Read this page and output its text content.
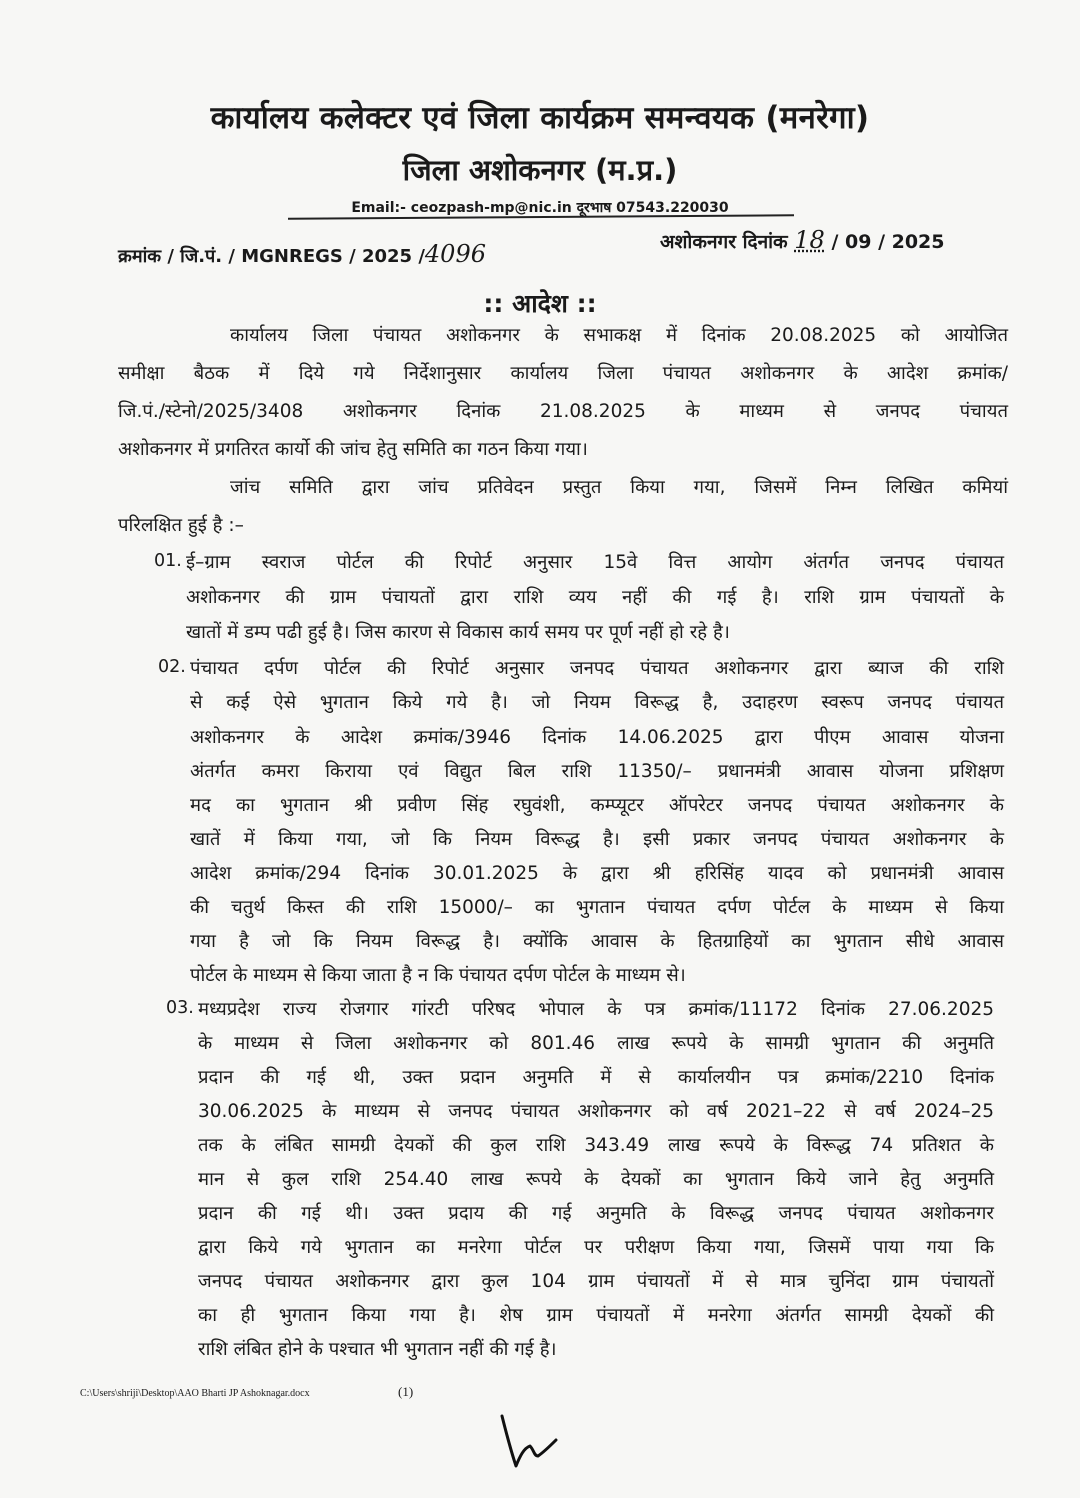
कार्यालय कलेक्टर एवं जिला कार्यक्रम समन्वयक (मनरेगा)
जिला अशोकनगर (म.प्र.)
Email:- ceozpash-mp@nic.in दूरभाष 07543.220030
क्रमांक / जि.पं. / MGNREGS / 2025 /4096	अशोकनगर दिनांक 18 / 09 / 2025
:: आदेश ::
कार्यालय जिला पंचायत अशोकनगर के सभाकक्ष में दिनांक 20.08.2025 को आयोजित
समीक्षा बैठक में दिये गये निर्देशानुसार कार्यालय जिला पंचायत अशोकनगर के आदेश क्रमांक/
जि.पं./स्टेनो/2025/3408 अशोकनगर दिनांक 21.08.2025 के माध्यम से जनपद पंचायत
अशोकनगर में प्रगतिरत कार्यो की जांच हेतु समिति का गठन किया गया।
जांच समिति द्वारा जांच प्रतिवेदन प्रस्तुत किया गया, जिसमें निम्न लिखित कमियां
परिलक्षित हुई है :–
01. ई–ग्राम स्वराज पोर्टल की रिपोर्ट अनुसार 15वे वित्त आयोग अंतर्गत जनपद पंचायत
अशोकनगर की ग्राम पंचायतों द्वारा राशि व्यय नहीं की गई है। राशि ग्राम पंचायतों के
खातों में डम्प पढी हुई है। जिस कारण से विकास कार्य समय पर पूर्ण नहीं हो रहे है।
02. पंचायत दर्पण पोर्टल की रिपोर्ट अनुसार जनपद पंचायत अशोकनगर द्वारा ब्याज की राशि
से कई ऐसे भुगतान किये गये है। जो नियम विरूद्ध है, उदाहरण स्वरूप जनपद पंचायत
अशोकनगर के आदेश क्रमांक/3946 दिनांक 14.06.2025 द्वारा पीएम आवास योजना
अंतर्गत कमरा किराया एवं विद्युत बिल राशि 11350/– प्रधानमंत्री आवास योजना प्रशिक्षण
मद का भुगतान श्री प्रवीण सिंह रघुवंशी, कम्प्यूटर ऑपरेटर जनपद पंचायत अशोकनगर के
खातें में किया गया, जो कि नियम विरूद्ध है। इसी प्रकार जनपद पंचायत अशोकनगर के
आदेश क्रमांक/294 दिनांक 30.01.2025 के द्वारा श्री हरिसिंह यादव को प्रधानमंत्री आवास
की चतुर्थ किस्त की राशि 15000/– का भुगतान पंचायत दर्पण पोर्टल के माध्यम से किया
गया है जो कि नियम विरूद्ध है। क्योंकि आवास के हितग्राहियों का भुगतान सीधे आवास
पोर्टल के माध्यम से किया जाता है न कि पंचायत दर्पण पोर्टल के माध्यम से।
03. मध्यप्रदेश राज्य रोजगार गांरटी परिषद भोपाल के पत्र क्रमांक/11172 दिनांक 27.06.2025
के माध्यम से जिला अशोकनगर को 801.46 लाख रूपये के सामग्री भुगतान की अनुमति
प्रदान की गई थी, उक्त प्रदान अनुमति में से कार्यालयीन पत्र क्रमांक/2210 दिनांक
30.06.2025 के माध्यम से जनपद पंचायत अशोकनगर को वर्ष 2021–22 से वर्ष 2024–25
तक के लंबित सामग्री देयकों की कुल राशि 343.49 लाख रूपये के विरूद्ध 74 प्रतिशत के
मान से कुल राशि 254.40 लाख रूपये के देयकों का भुगतान किये जाने हेतु अनुमति
प्रदान की गई थी। उक्त प्रदाय की गई अनुमति के विरूद्ध जनपद पंचायत अशोकनगर
द्वारा किये गये भुगतान का मनरेगा पोर्टल पर परीक्षण किया गया, जिसमें पाया गया कि
जनपद पंचायत अशोकनगर द्वारा कुल 104 ग्राम पंचायतों में से मात्र चुनिंदा ग्राम पंचायतों
का ही भुगतान किया गया है। शेष ग्राम पंचायतों में मनरेगा अंतर्गत सामग्री देयकों की
राशि लंबित होने के पश्चात भी भुगतान नहीं की गई है।
C:\Users\shriji\Desktop\AAO Bharti JP Ashoknagar.docx	(1)
